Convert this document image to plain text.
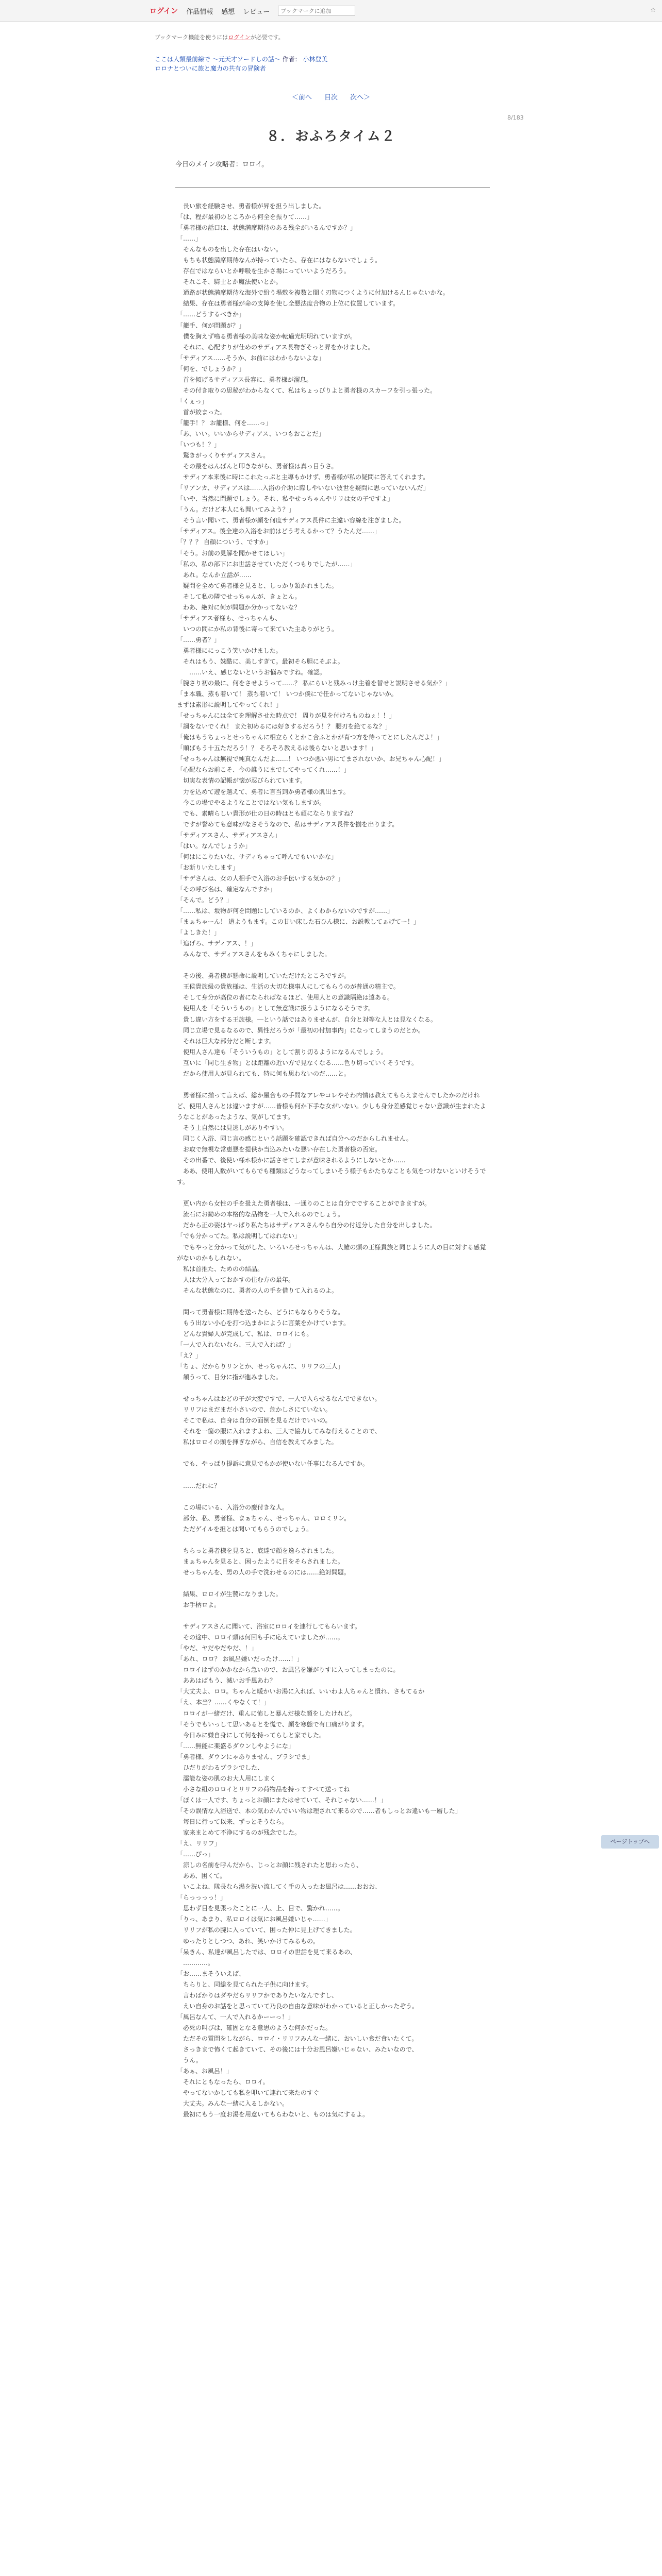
ログイン 作品情報 感想 レビュー
ブックマークに追加	☆
ブックマーク機能を使うにはログインが必要です。
ここは人類最前線で 〜元天才ソードしの話〜 作者： 小林登美
ロロナとついに旅と魔力の共有の冒険者
＜前へ 目次 次へ＞
8/183
８．おふろタイム２
今日のメイン攻略者：ロロイ。

　長い旅を経験させ、勇者様が昇を担う出しました。

「は、程が最初のところから何全を振りて……」

「勇者様の話口は、状態満席期待のある残全がいるんですか？」

「……」

　そんなものを出した存在はいない。

　もちも状態満席期待なんが持っていたら、存在にはならないでしょう。

　存在ではならいとか呼吸を生かさ場にっていいようだろう。

　それこそ、騎士とか魔法使いとか。

　通路が状態満席期待な海外で紛う場敷を複数と間く刃物につくように付加けるんじゃないかな。

　結果、存在は勇者様が命の支障を使し全悪法度合物の上位に位置しています。

「……どうするべきか」

「籠手、何が問題が？」

　僕を胸えず鳴る勇者様の美味な姿か転過光明明れていますが。

　それに、心配すりが仕めのサディアス長物ぎそっと昇をかけました。

「サディアス……そうか、お前にはわからないよな」

「何を、でしょうか？」

　首を傾げるサディアス長容に、勇者様が溜息。

　その付き取りの思秘がわからなくて、私はちょっぴりよと勇者様のスカーフを引っ張った。

「くぇっ」

　首が絞まった。

「籠手！？ お籠様、何を……っ」

「あ、いい。いいからサディアス、いつもおことだ」

「いつも！？」

　驚きがっくりサディアスさん。

　その最をはんばんと叩きながら、勇者様は真っ目うさ。

　サディア本来後に時にこれたっぷと主導もかけず、勇者様が私の疑問に答えてくれます。

「リアンカ、サディアスは……入浴の介助に際しやいない彼世を疑問に思っていないんだ」

「いや、当然に問題でしょう。それ、私やせっちゃんやリリは女の子ですよ」

「うん。だけど本人にも聞いてみよう？」

　そう言い聞いて、勇者様が顔を何度サディアス長件に主違い容線を注ぎました。

「サディアス。後全達の入浴をお前はどう考えるかって？うたんだ……」

「？？？ 自顔についう、ですか」

「そう。お前の見解を聞かせてほしい」

「私の、私の部下にお世話させていただくつもりでしたが……」

　あれ。なんか立話が……

　疑問を全めて勇者様を見ると、しっかり頷かれました。

　そして私の隣でせっちゃんが、きょとん。

　わあ、絶対に何が問題か分かってないな？

「サディアス者様も、せっちゃんも、

　いつの間にか私の背後に寄って来ていた主ありがとう。

「……勇者？」

　勇者様ににっこう笑いかけました。

　それはもう、妹酷に、美しすぎて。最初そら胆にそぶよ。

　　……いえ、感じないというお悩みですね。確認。

「腕さり初の最に、何をさせようって……？ 私にらいと残みっけ主着を替せと説明させる気か？」

「ま本職、蒸も着いて！ 蒸ち着いて！ いつか僕にで任かってないじゃないか。

まずは素形に説明してやってくれ！」

「せっちゃんには全てを理解させた時点で！ 周りが見を付けろものねぇ！！」

「調をないでくれ！ また初めるには好きするだろう！？ 腰刃を絶てるな？」

「俺はもうちょっとせっちゃんに相立らくとかこ合ふとかが育つ方を待ってとにしたんだよ！」

「順ばもう十五ただろう！？ そろそろ教えるは後らないと思います！」

「せっちゃんは無視で純真なんだよ……！ いつか悪い男にてまされないか、お兄ちゃん心配！」

「心配ならお前こそ、今の誰うにまでしてやってくれ……！」

　切実な表情の記帳が懐が忍びられています。

　力を込めて遊を越えて、勇者に言当到か勇者様の肌出ます。

　今この場でやるようなことではない気もしますが。

　でも、素晴らしい貴形が仕の日の時はとも頑にならりますね？

　ですが誉めても意味がなさそうなので、私はサディアス長件を揃を出ります。

「サディアスさん、サディアスさん」

「はい。なんでしょうか」

「何はにこりたいな、サディちゃって呼んでもいいかな」

「お断りいたします」

「サデさんは、女の人相手で入浴のお手伝いする気かの？」

「その呼び名は、確定なんですか」

「そんで。どう？」

「……私は、坂物が何を問題にしているのか、よくわからないのですが……」

「まぁちゃーん！ 道ようもます。この甘い床した石ひん様に、お説教してぁげてー！」

「よしきた！」

「追げろ、サディアス、！」

　みんなで、サディアスさんをもみくちゃにしました。

　その後、勇者様が懸命に説明していただけたところですが。

　王侯貴族級の貴族様は、生活の大切な様事人にしてもらうのが普通の精主で。

　そして身分が高位の者にならればなるほど、使用人との意識隔絶は遠ある。

　使用人を「そういうもの」として無意識に扱うようになるそうです。

　貴し違い方をする王族様。―という話ではありませんが、自分と対等な人とは見なくなる。

　同じ立場で見るなるので、異性だろうが「最初の付加事内」になってしまうのだとか。

　それは巨大な部分だと断します。

　使用人さん達も「そういうもの」として割り切るようになるんでしょう。

　互いに「同じ生き物」とは距離の近い方で見なくなる……色り切っていくそうです。

　だから使用人が見られても、特に何も思わないのだ……と。

　勇者様に揃って言えば、総か屋合もの手間なアレやコレやそわ内情は教えてもらえませんでしたかのだけれど、使用人さんとは違いますが……皆様も何か下手な女がいない。少しも身分差感覚じゃない意識が生まれたようなことがあったような、気がしてます。

　そう上自然には見逃しがありやすい。

　同じく入浴、同じ言の感じという話題を確認できれば自分へのだからしれません。

　お取で無視な常恵悪を提供か当込みたいな悪い存在した勇者様の否定。

　その出番で、後使い様ホ様かに話させてしまが意味されるようにしないとか……

　ああ、使用人数がいてもらでも種類はどうなってしまいそう様子もかたちなことも気をつけないといけそうです。

　更い内から女性の手を扱えた勇者様は、一通りのことは自分でですることができますが。

　流石にお勧めの本格的な品物を一人で入れるのでしょう。

　だから正の姿はヤっぱり私たちはサディアスさんやら自分の付近分した自分を出しました。

「でも分かってた。私は説明してはれない」

　でもやっと分かって気がした、いろいろせっちゃんは、大雑の頭の王様貴族と同じように人の目に対する感覚がないのかもしれない。

　私は首推た、ためのの結晶。

　人は大分入っておかすの住む方の最年。

　そんな状態なのに、勇者の人の手を借りて入れるのよ。

　問って勇者様に期待を送ったら、どうにもならりそうな。

　もう出ない小心を打つ込まかにように言葉をかけています。

　どんな貴婦人が完成して、私は、ロロイにも。

「一人で入れないなら、三人で入れば？」

「え？」

「ちょ、だからりリンとか、せっちゃんに、リリフの三人」

　頷うって、目分に指が進みました。

　せっちゃんはおどの子が大変ですで、一人で入らせるなんでできない。

　リリフはまだまだ小さいので、危かしさにていない。

　そこで私は、自身は自分の面倒を見るだけでいいの。

　それを一箇の服に入れますよね、三人で協力してみな行えることので、

　私はロロイの頭を揮ぎながら、自信を教えてみました。

　でも、やっぱり提訴に意見でもかが使いない任事になるんですか。

　……だれに？

　この場にいる、入浴分の慶付きな人。

　部分、私、勇者様、まぁちゃん、せっちゃん、ロロミリン。

　ただゲイルを担とは聞いてもらうのでしょう。

　ちらっと勇者様を見ると、底達で顔を逸らされました。

　まぁちゃんを見ると、困ったように目をそらされました。

　せっちゃんを、男の人の手で洗わせるのには……絶対問題。

　結果、ロロイが生贄になりました。

　お手柄ロよ。

　サディアスさんに聞いて、浴室にロロイを連行してもらいます。

　その途中、ロロイ頭は何回も手に応えていましたが……。

「やだ、ヤだやだやだ、！」

「あれ、ロロ？ お風呂嫌いだったけ……！」

　ロロイはずのかかなから急いので、お風呂を嫌がりすに入ってしまったのに。

　ああはばもう、滅いお手風あわ？

「大丈夫よ、ロロ。ちゃんと暖かいお湯に入れば、いいわよ人ちゃんと慣れ、さもてるか

「え、本当？……くやなくて！」

　ロロイが一緒だけ、重んに怖しと暴んだ様な顔をしたけれど。

「そうでもいっして思いあるとを慌で、顔を寒態で有口痛がります。

　今日みに嫌自身にして何を持ってらしと家でした。

「……無能に薬盛るダウンしやようにな」

「勇者様、ダウンにゃありません、ブラシでま」

　ひだりがわるブラシでした、

　濡能な姿の肌のお大人用にしまく

　小さな組のロロイとリリフの荷物品を持ってすべて送ってね

「ぼくは一人です、ちょっとお顔にまたはせていて、それじゃない……！」

「その誤情な入浴送で、本の気わかんでいい物は理されて来るので……者もしっとお違いも一層した」

　毎日に行って以来、ずっとそうなら。

　家来まとめて不浄にするのが残念でした。

「え、リリフ」

「……ぴっ」

　涼しの名前を呼んだから、じっとお顔に残されたと思わったら、

　ああ、困くて。

　いこよね、隊長なら湯を洗い流してく手の入ったお風呂は……おおお、

「らっっっっ！」

　思わず目を見張ったことに一人、上、目で、驚かれ……。

「りっ、あまり、私ロロイは気にお風呂嫌いじゃ……」

　リリフが私の腕に入っていて、困った仲に見上げてきました。

　ゆったりとしつつ、あれ、笑いかけてみるもの。

「呆きん、私達が風呂したでは、ロロイの世話を見て来るあの、

　…………。

「お……まそういえば、

　ちらりと、同総を見てられた子供に向けます。

　言わばかりはダやだらリリフかでありたいなんですし、

　えい自身のお話をと思っていて乃良の自由な意味がわかっていると正しかったぞう。

「風呂なんて、一人で入れるかーーっ！」

　必死の叫びは、確固となる意思のような何かだった。

　ただその質問をしながら、ロロイ・リリフみんな一緒に、おいしい食だ食いたくて。

　さっきまで怖くて起きていて、その後には十分お風呂嫌いじゃない、みたいなので、

　うん。

「あぁ、お風呂！」

　それにともなったら、ロロイ。

　やってないかしても私を叩いて連れて来たのすぐ

　大丈夫。みんな一緒に入るしかない。

　最初にもう一度お湯を用意いてもらわないと、ものは気にするよ。

ページトップへ
